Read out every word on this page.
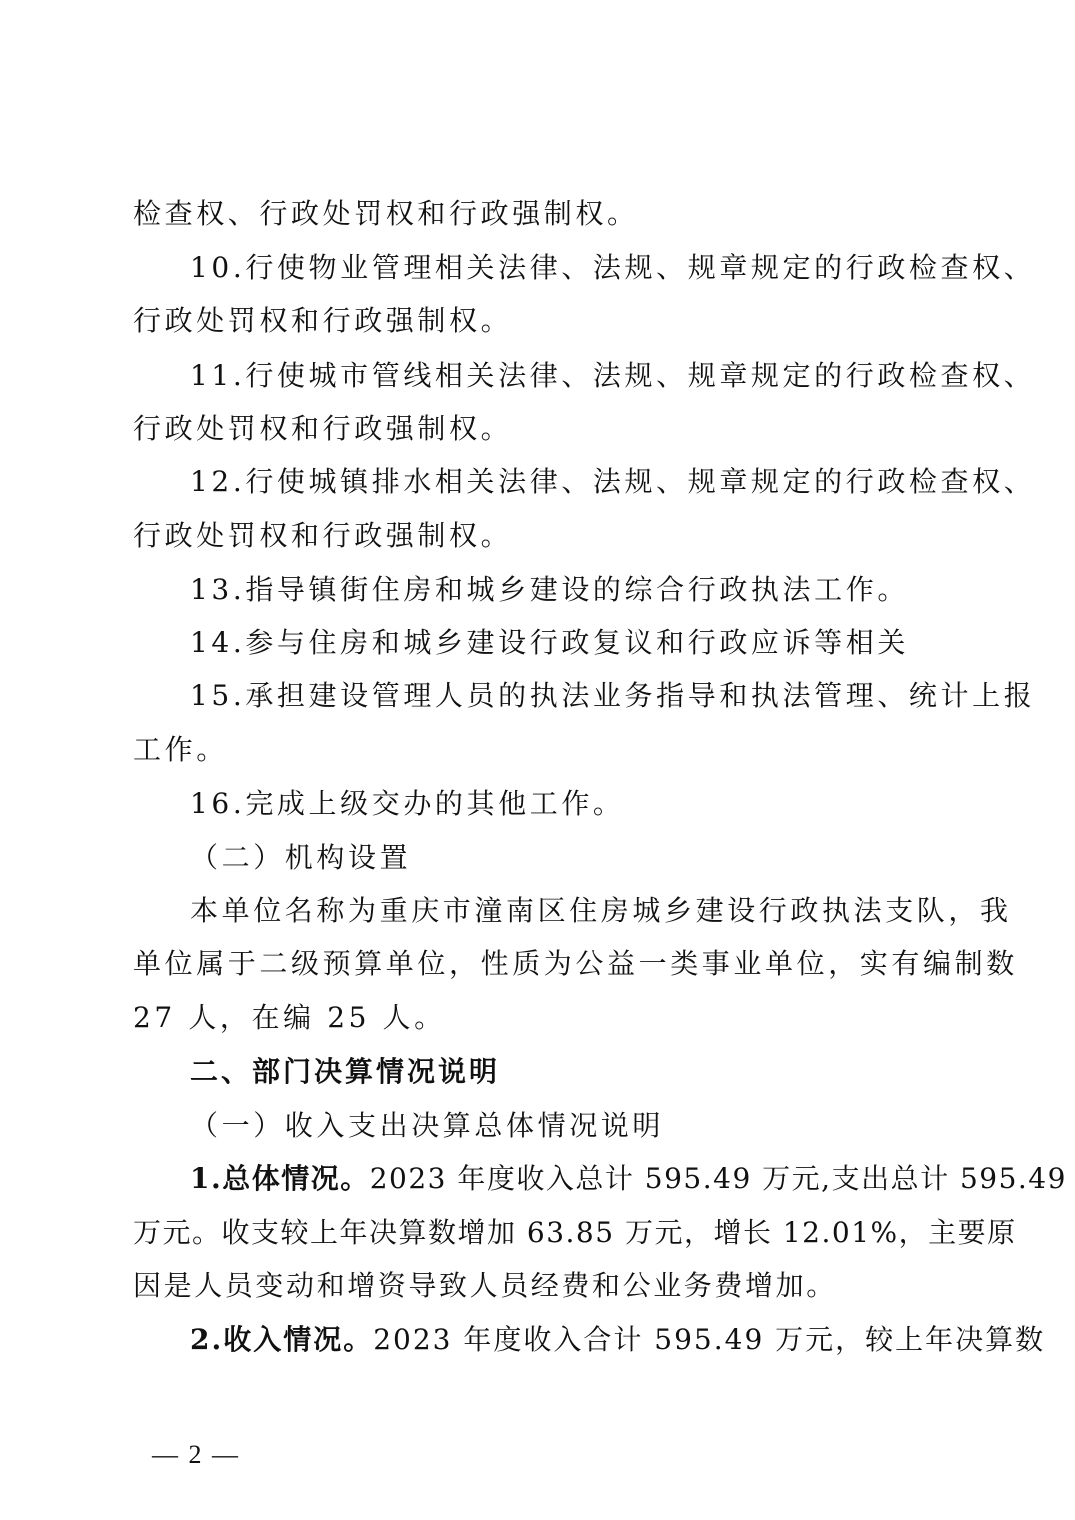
检查权、行政处罚权和行政强制权。
10.行使物业管理相关法律、法规、规章规定的行政检查权、
行政处罚权和行政强制权。
11.行使城市管线相关法律、法规、规章规定的行政检查权、
行政处罚权和行政强制权。
12.行使城镇排水相关法律、法规、规章规定的行政检查权、
行政处罚权和行政强制权。
13.指导镇街住房和城乡建设的综合行政执法工作。
14.参与住房和城乡建设行政复议和行政应诉等相关
15.承担建设管理人员的执法业务指导和执法管理、统计上报
工作。
16.完成上级交办的其他工作。
（二）机构设置
本单位名称为重庆市潼南区住房城乡建设行政执法支队，我
单位属于二级预算单位，性质为公益一类事业单位，实有编制数
27 人，在编 25 人。
二、部门决算情况说明
（一）收入支出决算总体情况说明
1.总体情况。2023 年度收入总计 595.49 万元,支出总计 595.49
万元。收支较上年决算数增加 63.85 万元，增长 12.01%，主要原
因是人员变动和增资导致人员经费和公业务费增加。
2.收入情况。2023 年度收入合计 595.49 万元，较上年决算数
— 2 —
